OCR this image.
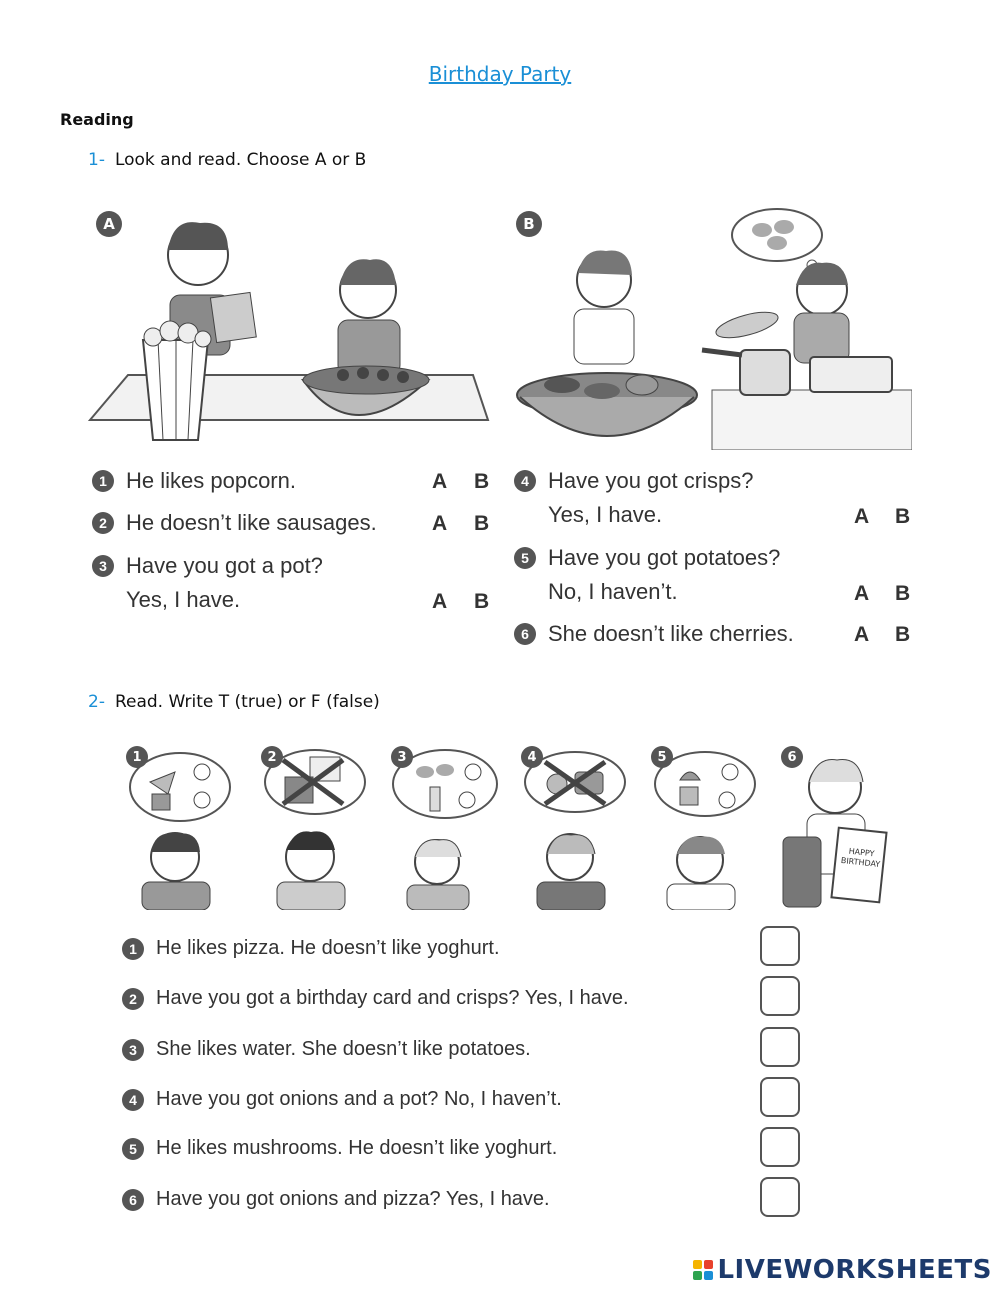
Birthday Party
Reading
1- Look and read. Choose A or B
A	B
1 He likes popcorn.	A B
2 He doesn’t like sausages.	A B
3 Have you got a pot?
Yes, I have.	A B
4 Have you got crisps?
Yes, I have.	A B
5 Have you got potatoes?
No, I haven’t.	A B
6 She doesn’t like cherries.	A B
2- Read. Write T (true) or F (false)
1	2	3	4	5	6
HAPPY BIRTHDAY
1 He likes pizza. He doesn’t like yoghurt.
2 Have you got a birthday card and crisps? Yes, I have.
3 She likes water. She doesn’t like potatoes.
4 Have you got onions and a pot? No, I haven’t.
5 He likes mushrooms. He doesn’t like yoghurt.
6 Have you got onions and pizza? Yes, I have.
LIVEWORKSHEETS
